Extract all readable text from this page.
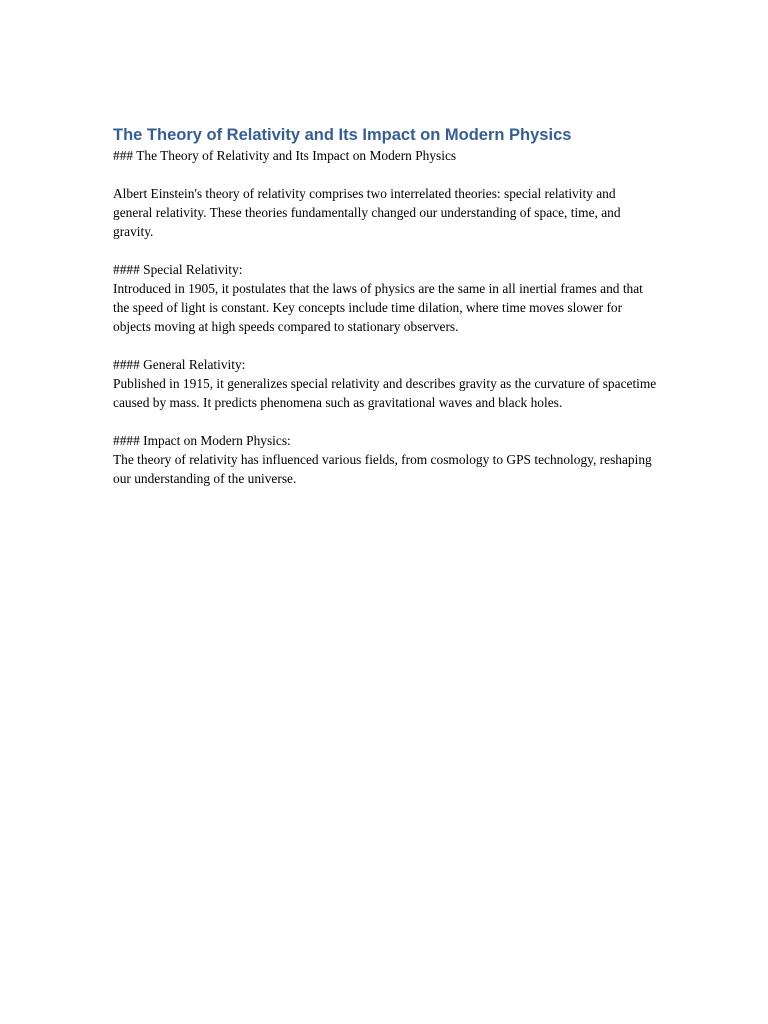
The Theory of Relativity and Its Impact on Modern Physics

### The Theory of Relativity and Its Impact on Modern Physics

Albert Einstein's theory of relativity comprises two interrelated theories: special relativity and general relativity. These theories fundamentally changed our understanding of space, time, and gravity.

#### Special Relativity:

Introduced in 1905, it postulates that the laws of physics are the same in all inertial frames and that the speed of light is constant. Key concepts include time dilation, where time moves slower for objects moving at high speeds compared to stationary observers.

#### General Relativity:

Published in 1915, it generalizes special relativity and describes gravity as the curvature of spacetime caused by mass. It predicts phenomena such as gravitational waves and black holes.

#### Impact on Modern Physics:

The theory of relativity has influenced various fields, from cosmology to GPS technology, reshaping our understanding of the universe.
